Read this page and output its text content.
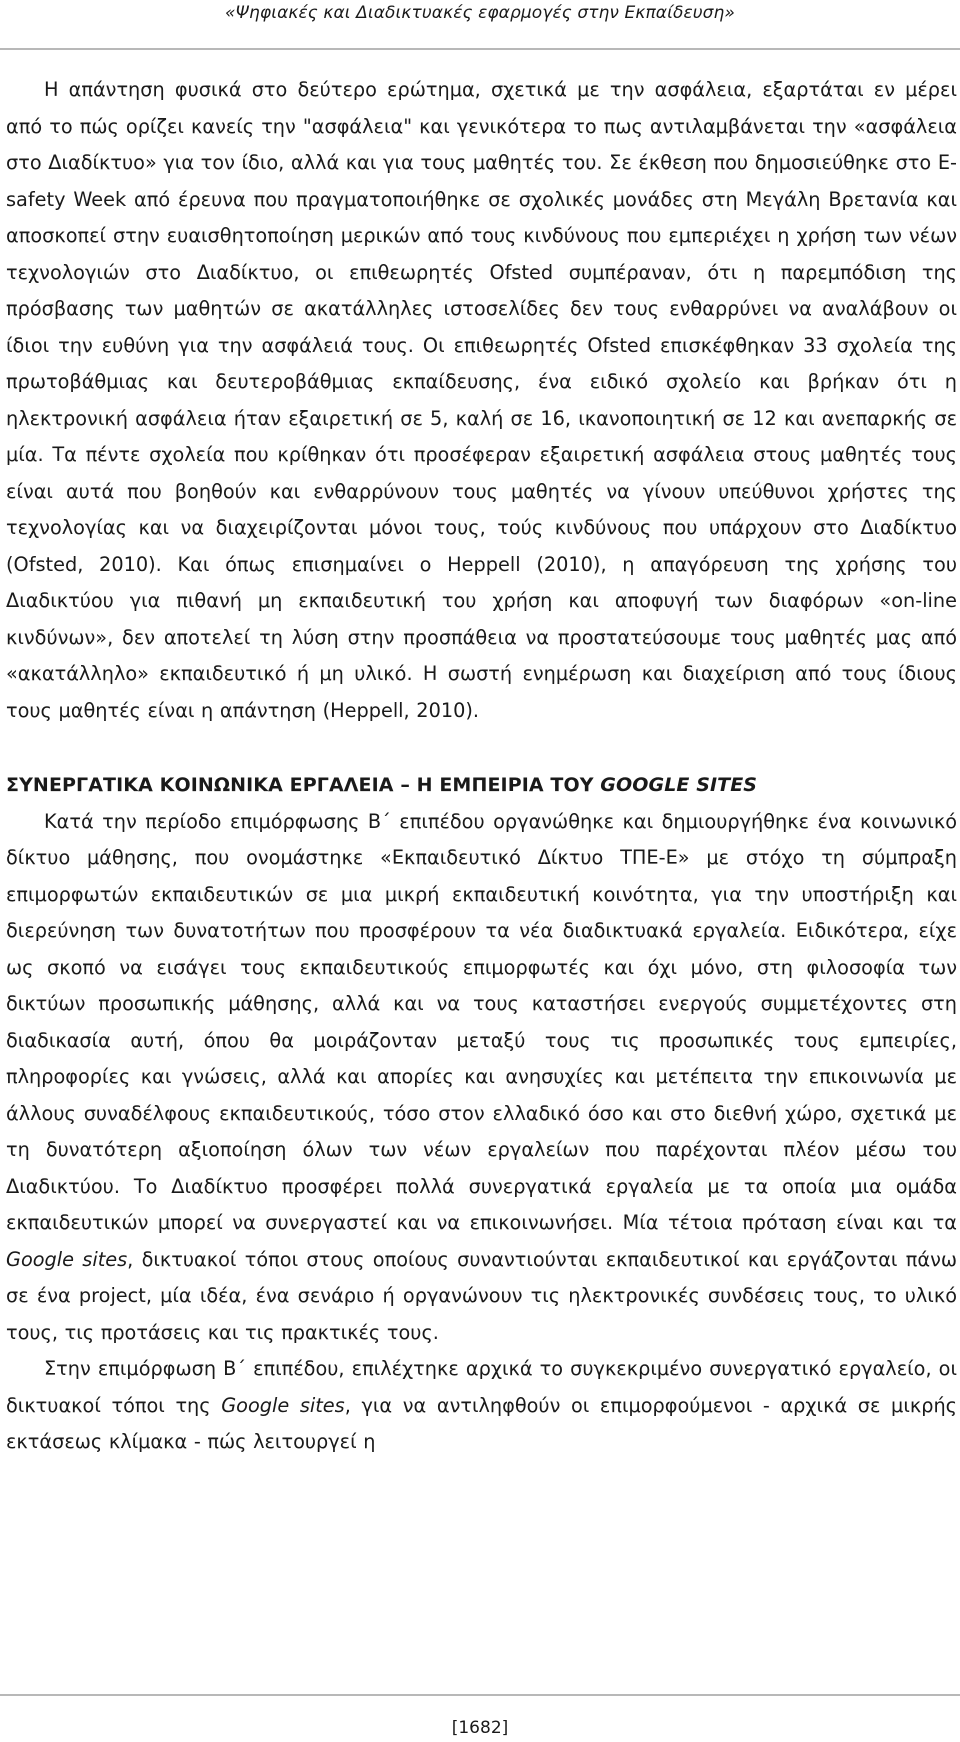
«Ψηφιακές και Διαδικτυακές εφαρμογές στην Εκπαίδευση»

Η απάντηση φυσικά στο δεύτερο ερώτημα, σχετικά με την ασφάλεια, εξαρτάται εν μέρει από το πώς ορίζει κανείς την "ασφάλεια" και γενικότερα το πως αντιλαμβάνεται την «ασφάλεια στο Διαδίκτυο» για τον ίδιο, αλλά και για τους μαθητές του. Σε έκθεση που δημοσιεύθηκε στο E-safety Week από έρευνα που πραγματοποιήθηκε σε σχολικές μονάδες στη Μεγάλη Βρετανία και αποσκοπεί στην ευαισθητοποίηση μερικών από τους κινδύνους που εμπεριέχει η χρήση των νέων τεχνολογιών στο Διαδίκτυο, οι επιθεωρητές Ofsted συμπέραναν, ότι η παρεμπόδιση της πρόσβασης των μαθητών σε ακατάλληλες ιστοσελίδες δεν τους ενθαρρύνει να αναλάβουν οι ίδιοι την ευθύνη για την ασφάλειά τους. Οι επιθεωρητές Ofsted επισκέφθηκαν 33 σχολεία της πρωτοβάθμιας και δευτεροβάθμιας εκπαίδευσης, ένα ειδικό σχολείο και βρήκαν ότι η ηλεκτρονική ασφάλεια ήταν εξαιρετική σε 5, καλή σε 16, ικανοποιητική σε 12 και ανεπαρκής σε μία. Τα πέντε σχολεία που κρίθηκαν ότι προσέφεραν εξαιρετική ασφάλεια στους μαθητές τους είναι αυτά που βοηθούν και ενθαρρύνουν τους μαθητές να γίνουν υπεύθυνοι χρήστες της τεχνολογίας και να διαχειρίζονται μόνοι τους, τούς κινδύνους που υπάρχουν στο Διαδίκτυο (Ofsted, 2010). Και όπως επισημαίνει ο Heppell (2010), η απαγόρευση της χρήσης του Διαδικτύου για πιθανή μη εκπαιδευτική του χρήση και αποφυγή των διαφόρων «on-line κινδύνων», δεν αποτελεί τη λύση στην προσπάθεια να προστατεύσουμε τους μαθητές μας από «ακατάλληλο» εκπαιδευτικό ή μη υλικό. Η σωστή ενημέρωση και διαχείριση από τους ίδιους τους μαθητές είναι η απάντηση (Heppell, 2010).

ΣΥΝΕΡΓΑΤΙΚΑ ΚΟΙΝΩΝΙΚΑ ΕΡΓΑΛΕΙΑ – Η ΕΜΠΕΙΡΙΑ ΤΟΥ GOOGLE SITES

Κατά την περίοδο επιμόρφωσης Β΄ επιπέδου οργανώθηκε και δημιουργήθηκε ένα κοινωνικό δίκτυο μάθησης, που ονομάστηκε «Εκπαιδευτικό Δίκτυο ΤΠΕ-Ε» με στόχο τη σύμπραξη επιμορφωτών εκπαιδευτικών σε μια μικρή εκπαιδευτική κοινότητα, για την υποστήριξη και διερεύνηση των δυνατοτήτων που προσφέρουν τα νέα διαδικτυακά εργαλεία. Ειδικότερα, είχε ως σκοπό να εισάγει τους εκπαιδευτικούς επιμορφωτές και όχι μόνο, στη φιλοσοφία των δικτύων προσωπικής μάθησης, αλλά και να τους καταστήσει ενεργούς συμμετέχοντες στη διαδικασία αυτή, όπου θα μοιράζονταν μεταξύ τους τις προσωπικές τους εμπειρίες, πληροφορίες και γνώσεις, αλλά και απορίες και ανησυχίες και μετέπειτα την επικοινωνία με άλλους συναδέλφους εκπαιδευτικούς, τόσο στον ελλαδικό όσο και στο διεθνή χώρο, σχετικά με τη δυνατότερη αξιοποίηση όλων των νέων εργαλείων που παρέχονται πλέον μέσω του Διαδικτύου. Το Διαδίκτυο προσφέρει πολλά συνεργατικά εργαλεία με τα οποία μια ομάδα εκπαιδευτικών μπορεί να συνεργαστεί και να επικοινωνήσει. Μία τέτοια πρόταση είναι και τα Google sites, δικτυακοί τόποι στους οποίους συναντιούνται εκπαιδευτικοί και εργάζονται πάνω σε ένα project, μία ιδέα, ένα σενάριο ή οργανώνουν τις ηλεκτρονικές συνδέσεις τους, το υλικό τους, τις προτάσεις και τις πρακτικές τους.

Στην επιμόρφωση Β΄ επιπέδου, επιλέχτηκε αρχικά το συγκεκριμένο συνεργατικό εργαλείο, οι δικτυακοί τόποι της Google sites, για να αντιληφθούν οι επιμορφούμενοι - αρχικά σε μικρής εκτάσεως κλίμακα - πώς λειτουργεί η

[1682]
